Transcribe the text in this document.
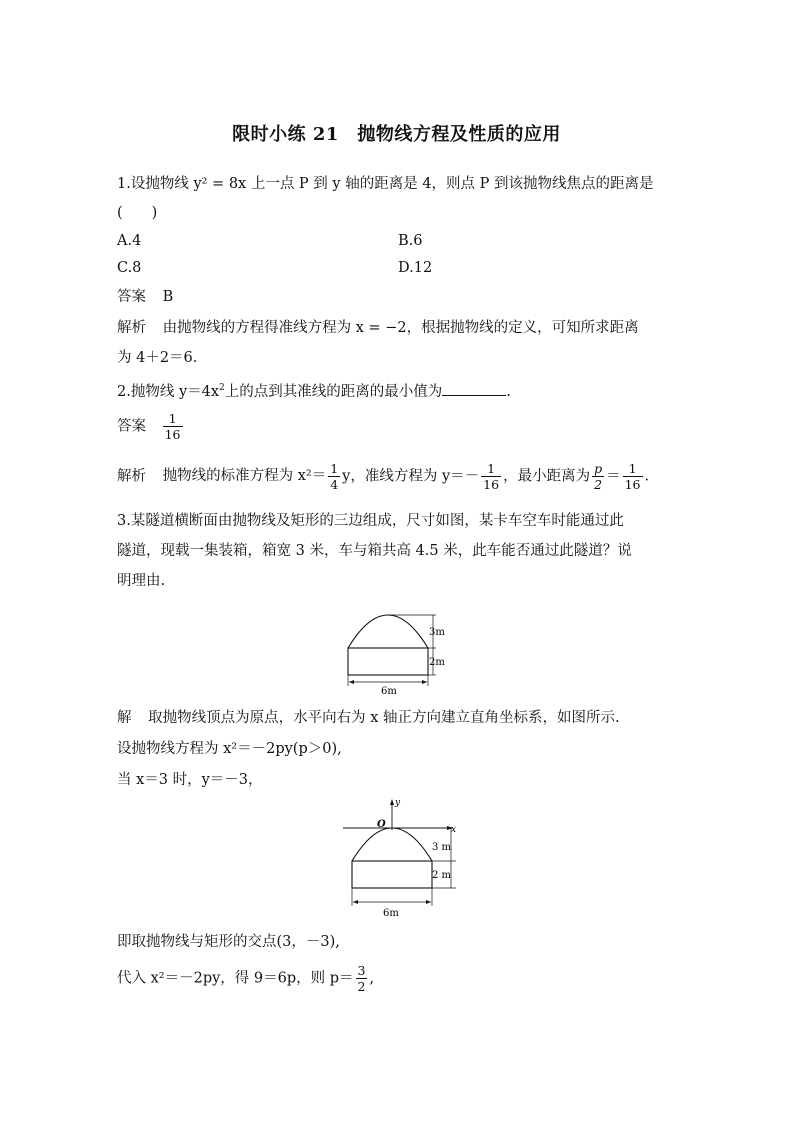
限时小练 21　抛物线方程及性质的应用
1.设抛物线 y² = 8x 上一点 P 到 y 轴的距离是 4，则点 P 到该抛物线焦点的距离是
(　　)
A.4	B.6
C.8	D.12
答案 B
解析 由抛物线的方程得准线方程为 x = −2，根据抛物线的定义，可知所求距离
为 4＋2＝6.
2.抛物线 $y=4x^2$上的点到其准线的距离的最小值为	.
答案 $\frac{1}{16}$
解析 抛物线的标准方程为 $x^2= \frac{1}{4}$ y，准线方程为 $y=- \frac{1}{16}$ ，最小距离为 $\frac{p}{2} = \frac{1}{16}$ .
3.某隧道横断面由抛物线及矩形的三边组成，尺寸如图，某卡车空车时能通过此
隧道，现载一集装箱，箱宽 3 米，车与箱共高 4.5 米，此车能否通过此隧道？说
明理由.
3m
2m
6m
解 取抛物线顶点为原点，水平向右为 x 轴正方向建立直角坐标系，如图所示.
设抛物线方程为 x²＝－2py(p＞0),
当 x＝3 时，y＝－3，
x
y
O
3 m
2 m
6m
即取抛物线与矩形的交点(3，－3),
代入 x²＝－2py，得 9＝6p，则 $p= \frac{3}{2}$ ,
